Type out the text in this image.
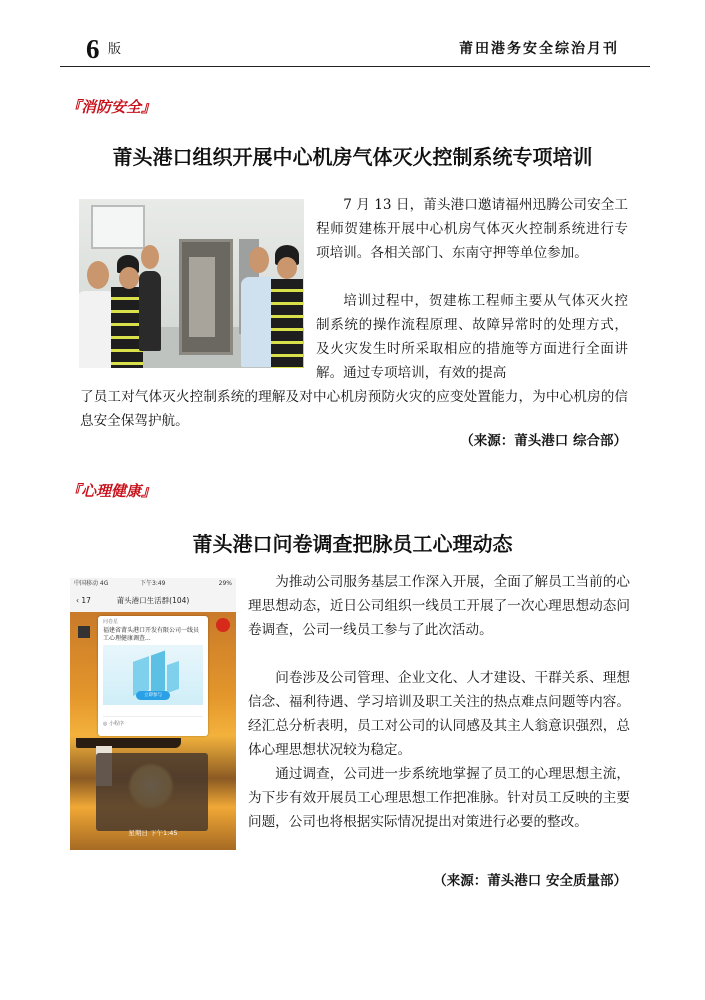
6 版	莆田港务安全综治月刊
『消防安全』
莆头港口组织开展中心机房气体灭火控制系统专项培训

7 月 13 日，莆头港口邀请福州迅腾公司安全工程师贺建栋开展中心机房气体灭火控制系统进行专项培训。各相关部门、东南守押等单位参加。

培训过程中，贺建栋工程师主要从气体灭火控制系统的操作流程原理、故障异常时的处理方式，及火灾发生时所采取相应的措施等方面进行全面讲解。通过专项培训，有效的提高

了员工对气体灭火控制系统的理解及对中心机房预防火灾的应变处置能力，为中心机房的信息安全保驾护航。

（来源：莆头港口 综合部）
『心理健康』
莆头港口问卷调查把脉员工心理动态
中国移动 4G	下午3:49	29%
‹ 17	莆头港口生活群(104)
问卷星
福建省莆头港口开发有限公司一线员工心理健康调查...
立即参与
◎ 小程序
星期日 下午1:45

为推动公司服务基层工作深入开展，全面了解员工当前的心理思想动态，近日公司组织一线员工开展了一次心理思想动态问卷调查，公司一线员工参与了此次活动。

问卷涉及公司管理、企业文化、人才建设、干群关系、理想信念、福利待遇、学习培训及职工关注的热点难点问题等内容。经汇总分析表明，员工对公司的认同感及其主人翁意识强烈，总体心理思想状况较为稳定。

通过调查，公司进一步系统地掌握了员工的心理思想主流，为下步有效开展员工心理思想工作把准脉。针对员工反映的主要问题，公司也将根据实际情况提出对策进行必要的整改。

（来源：莆头港口 安全质量部）
